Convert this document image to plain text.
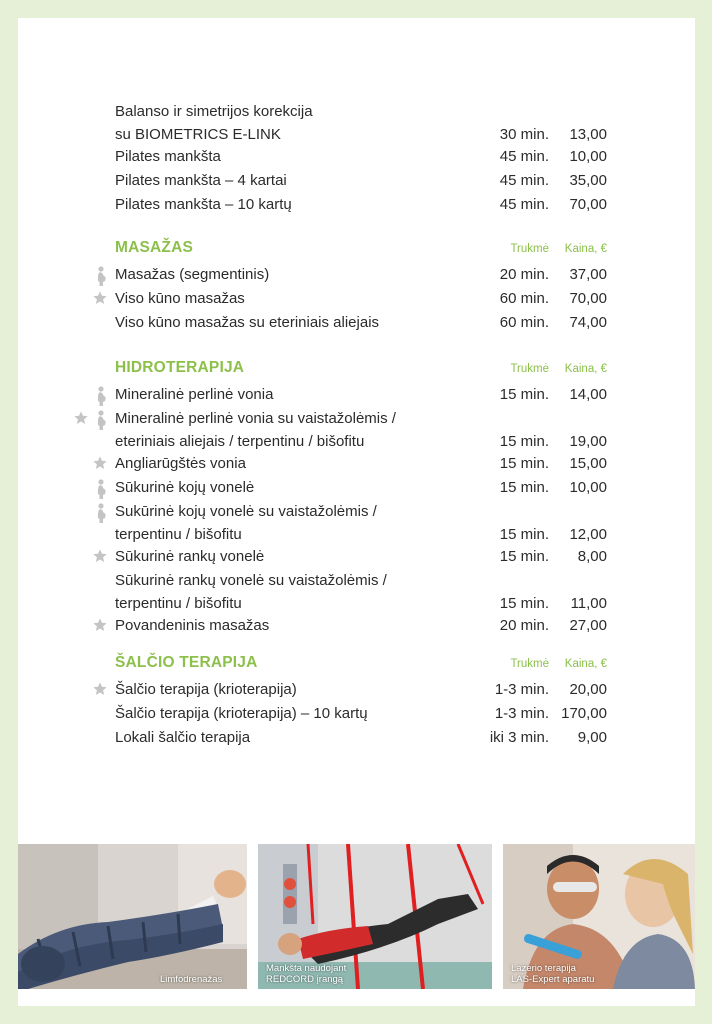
Balanso ir simetrijos korekcija
su BIOMETRICS E-LINK	30 min. 13,00
Pilates mankšta	45 min. 10,00
Pilates mankšta – 4 kartai	45 min. 35,00
Pilates mankšta – 10 kartų	45 min. 70,00
MASAŽAS	Trukmė Kaina, €
Masažas (segmentinis)	20 min. 37,00
Viso kūno masažas	60 min. 70,00
Viso kūno masažas su eteriniais aliejais	60 min. 74,00
HIDROTERAPIJA	Trukmė Kaina, €
Mineralinė perlinė vonia	15 min. 14,00
Mineralinė perlinė vonia su vaistažolėmis /
eteriniais aliejais / terpentinu / bišofitu	15 min. 19,00
Angliarūgštės vonia	15 min. 15,00
Sūkurinė kojų vonelė	15 min. 10,00
Sukūrinė kojų vonelė su vaistažolėmis /
terpentinu / bišofitu	15 min. 12,00
Sūkurinė rankų vonelė	15 min. 8,00
Sūkurinė rankų vonelė su vaistažolėmis /
terpentinu / bišofitu	15 min. 11,00
Povandeninis masažas	20 min. 27,00
ŠALČIO TERAPIJA	Trukmė Kaina, €
Šalčio terapija (krioterapija)	1-3 min. 20,00
Šalčio terapija (krioterapija) – 10 kartų	1-3 min. 170,00
Lokali šalčio terapija	iki 3 min. 9,00
Limfodrenažas
Mankšta naudojant
REDCORD įrangą
Lazerio terapija
LAS-Expert aparatu
